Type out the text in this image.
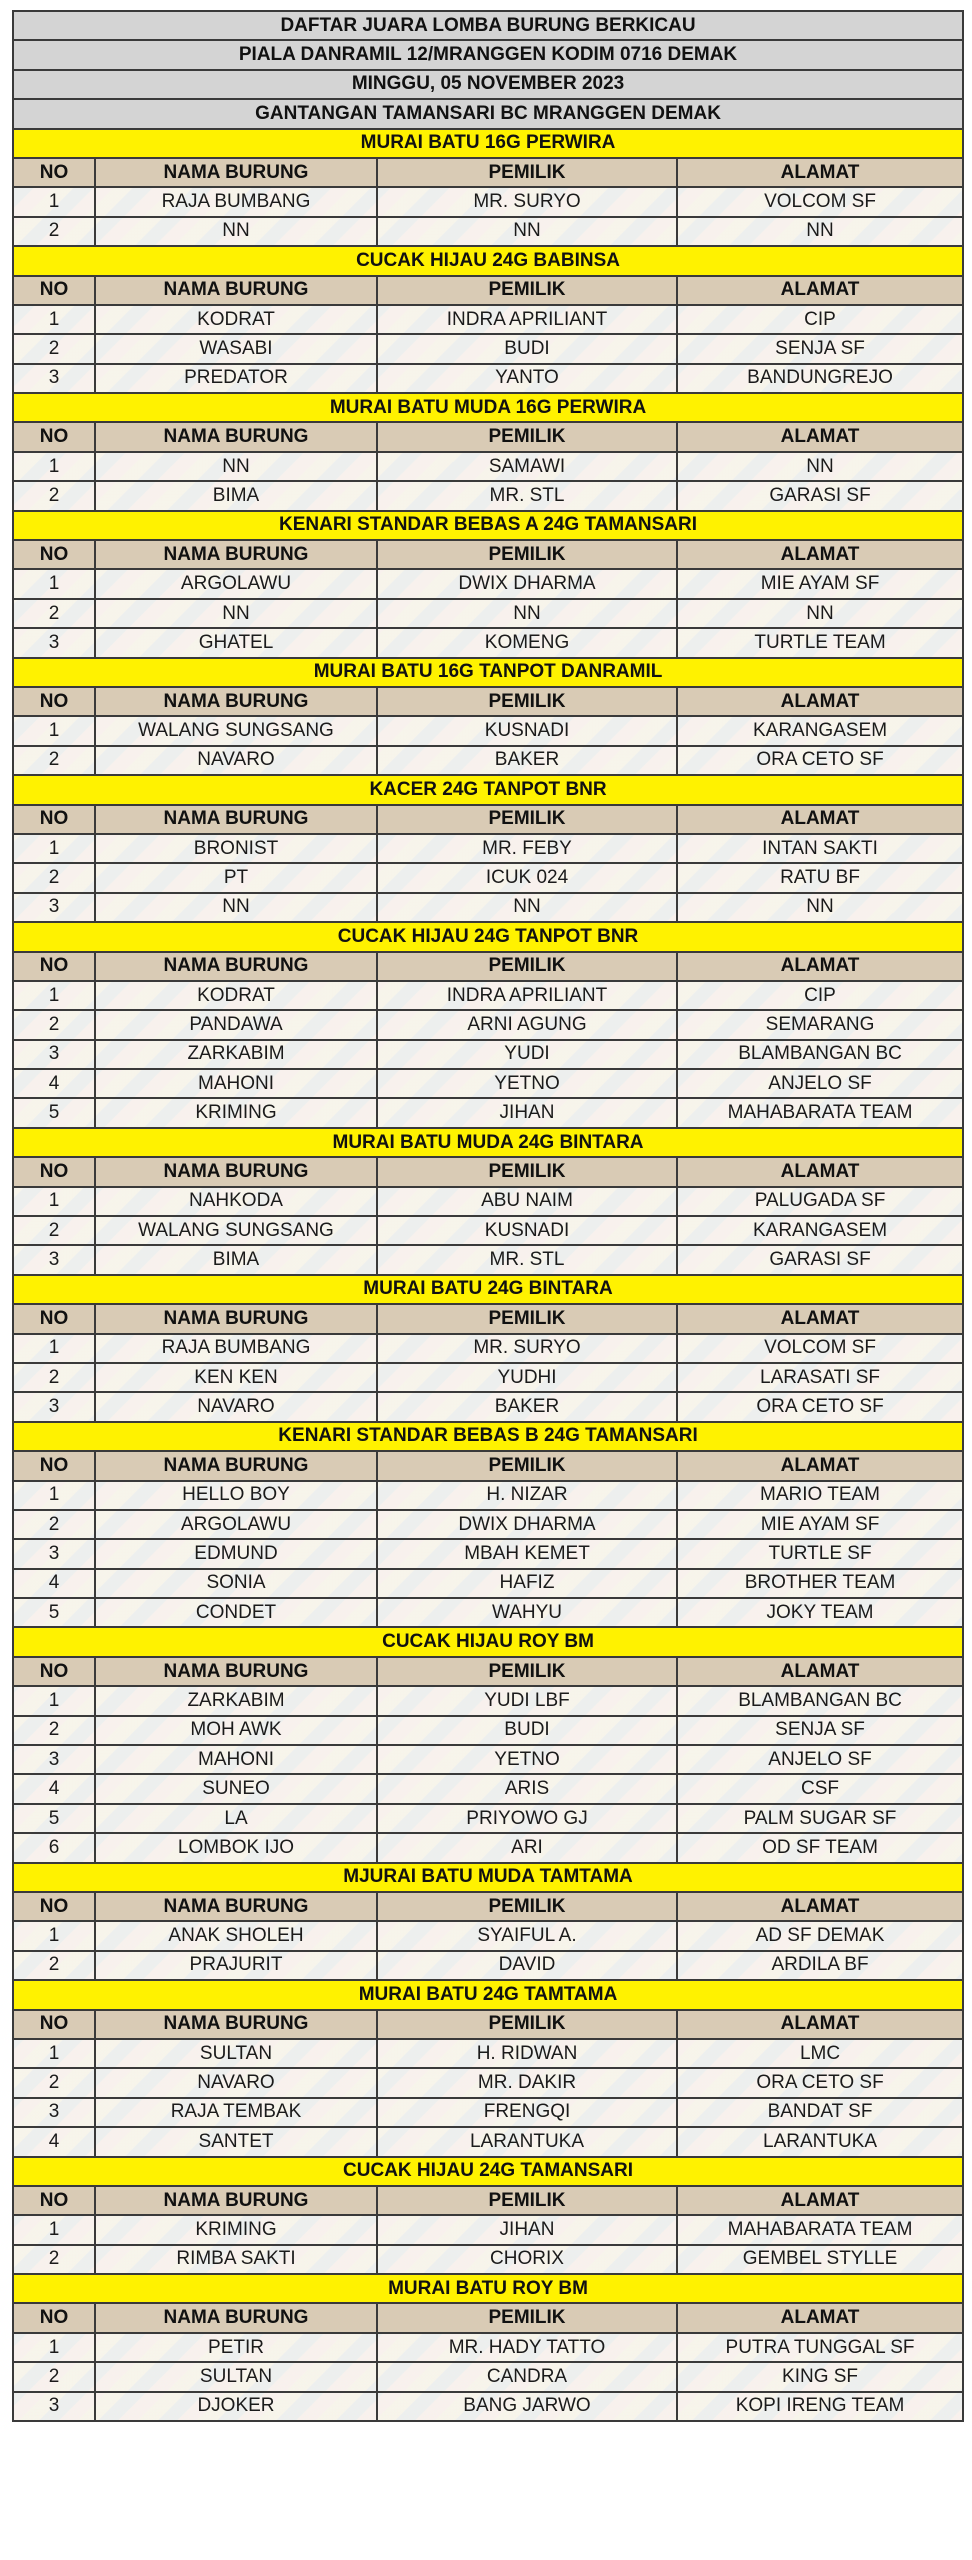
DAFTAR JUARA LOMBA BURUNG BERKICAU			
PIALA DANRAMIL 12/MRANGGEN KODIM 0716 DEMAK			
MINGGU, 05 NOVEMBER 2023			
GANTANGAN TAMANSARI BC MRANGGEN DEMAK			
MURAI BATU 16G PERWIRA			
NO	NAMA BURUNG	PEMILIK	ALAMAT
1	RAJA BUMBANG	MR. SURYO	VOLCOM SF
2	NN	NN	NN
CUCAK HIJAU 24G BABINSA			
NO	NAMA BURUNG	PEMILIK	ALAMAT
1	KODRAT	INDRA APRILIANT	CIP
2	WASABI	BUDI	SENJA SF
3	PREDATOR	YANTO	BANDUNGREJO
MURAI BATU MUDA 16G PERWIRA			
NO	NAMA BURUNG	PEMILIK	ALAMAT
1	NN	SAMAWI	NN
2	BIMA	MR. STL	GARASI SF
KENARI STANDAR BEBAS A 24G TAMANSARI			
NO	NAMA BURUNG	PEMILIK	ALAMAT
1	ARGOLAWU	DWIX DHARMA	MIE AYAM SF
2	NN	NN	NN
3	GHATEL	KOMENG	TURTLE TEAM
MURAI BATU 16G TANPOT DANRAMIL			
NO	NAMA BURUNG	PEMILIK	ALAMAT
1	WALANG SUNGSANG	KUSNADI	KARANGASEM
2	NAVARO	BAKER	ORA CETO SF
KACER 24G TANPOT BNR			
NO	NAMA BURUNG	PEMILIK	ALAMAT
1	BRONIST	MR. FEBY	INTAN SAKTI
2	PT	ICUK 024	RATU BF
3	NN	NN	NN
CUCAK HIJAU 24G TANPOT BNR			
NO	NAMA BURUNG	PEMILIK	ALAMAT
1	KODRAT	INDRA APRILIANT	CIP
2	PANDAWA	ARNI AGUNG	SEMARANG
3	ZARKABIM	YUDI	BLAMBANGAN BC
4	MAHONI	YETNO	ANJELO SF
5	KRIMING	JIHAN	MAHABARATA TEAM
MURAI BATU MUDA 24G BINTARA			
NO	NAMA BURUNG	PEMILIK	ALAMAT
1	NAHKODA	ABU NAIM	PALUGADA SF
2	WALANG SUNGSANG	KUSNADI	KARANGASEM
3	BIMA	MR. STL	GARASI SF
MURAI BATU 24G BINTARA			
NO	NAMA BURUNG	PEMILIK	ALAMAT
1	RAJA BUMBANG	MR. SURYO	VOLCOM SF
2	KEN KEN	YUDHI	LARASATI SF
3	NAVARO	BAKER	ORA CETO SF
KENARI STANDAR BEBAS B 24G TAMANSARI			
NO	NAMA BURUNG	PEMILIK	ALAMAT
1	HELLO BOY	H. NIZAR	MARIO TEAM
2	ARGOLAWU	DWIX DHARMA	MIE AYAM SF
3	EDMUND	MBAH KEMET	TURTLE SF
4	SONIA	HAFIZ	BROTHER TEAM
5	CONDET	WAHYU	JOKY TEAM
CUCAK HIJAU ROY BM			
NO	NAMA BURUNG	PEMILIK	ALAMAT
1	ZARKABIM	YUDI LBF	BLAMBANGAN BC
2	MOH AWK	BUDI	SENJA SF
3	MAHONI	YETNO	ANJELO SF
4	SUNEO	ARIS	CSF
5	LA	PRIYOWO GJ	PALM SUGAR SF
6	LOMBOK IJO	ARI	OD SF TEAM
MJURAI BATU MUDA TAMTAMA			
NO	NAMA BURUNG	PEMILIK	ALAMAT
1	ANAK SHOLEH	SYAIFUL A.	AD SF DEMAK
2	PRAJURIT	DAVID	ARDILA BF
MURAI BATU 24G TAMTAMA			
NO	NAMA BURUNG	PEMILIK	ALAMAT
1	SULTAN	H. RIDWAN	LMC
2	NAVARO	MR. DAKIR	ORA CETO SF
3	RAJA TEMBAK	FRENGQI	BANDAT SF
4	SANTET	LARANTUKA	LARANTUKA
CUCAK HIJAU 24G TAMANSARI			
NO	NAMA BURUNG	PEMILIK	ALAMAT
1	KRIMING	JIHAN	MAHABARATA TEAM
2	RIMBA SAKTI	CHORIX	GEMBEL STYLLE
MURAI BATU ROY BM			
NO	NAMA BURUNG	PEMILIK	ALAMAT
1	PETIR	MR. HADY TATTO	PUTRA TUNGGAL SF
2	SULTAN	CANDRA	KING SF
3	DJOKER	BANG JARWO	KOPI IRENG TEAM
